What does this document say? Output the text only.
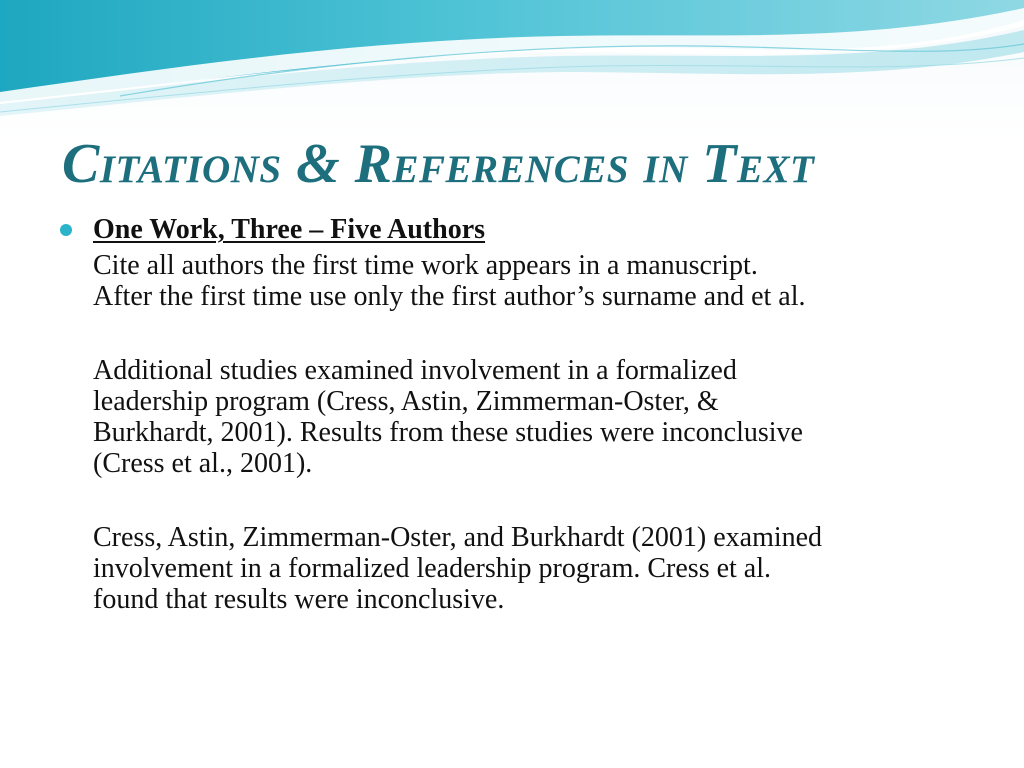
Citations & References in Text
One Work, Three – Five Authors
Cite all authors the first time work appears in a manuscript.
After the first time use only the first author’s surname and et al.
Additional studies examined involvement in a formalized
leadership program (Cress, Astin, Zimmerman-Oster, &
Burkhardt, 2001). Results from these studies were inconclusive
(Cress et al., 2001).
Cress, Astin, Zimmerman-Oster, and Burkhardt (2001) examined
involvement in a formalized leadership program. Cress et al.
found that results were inconclusive.
